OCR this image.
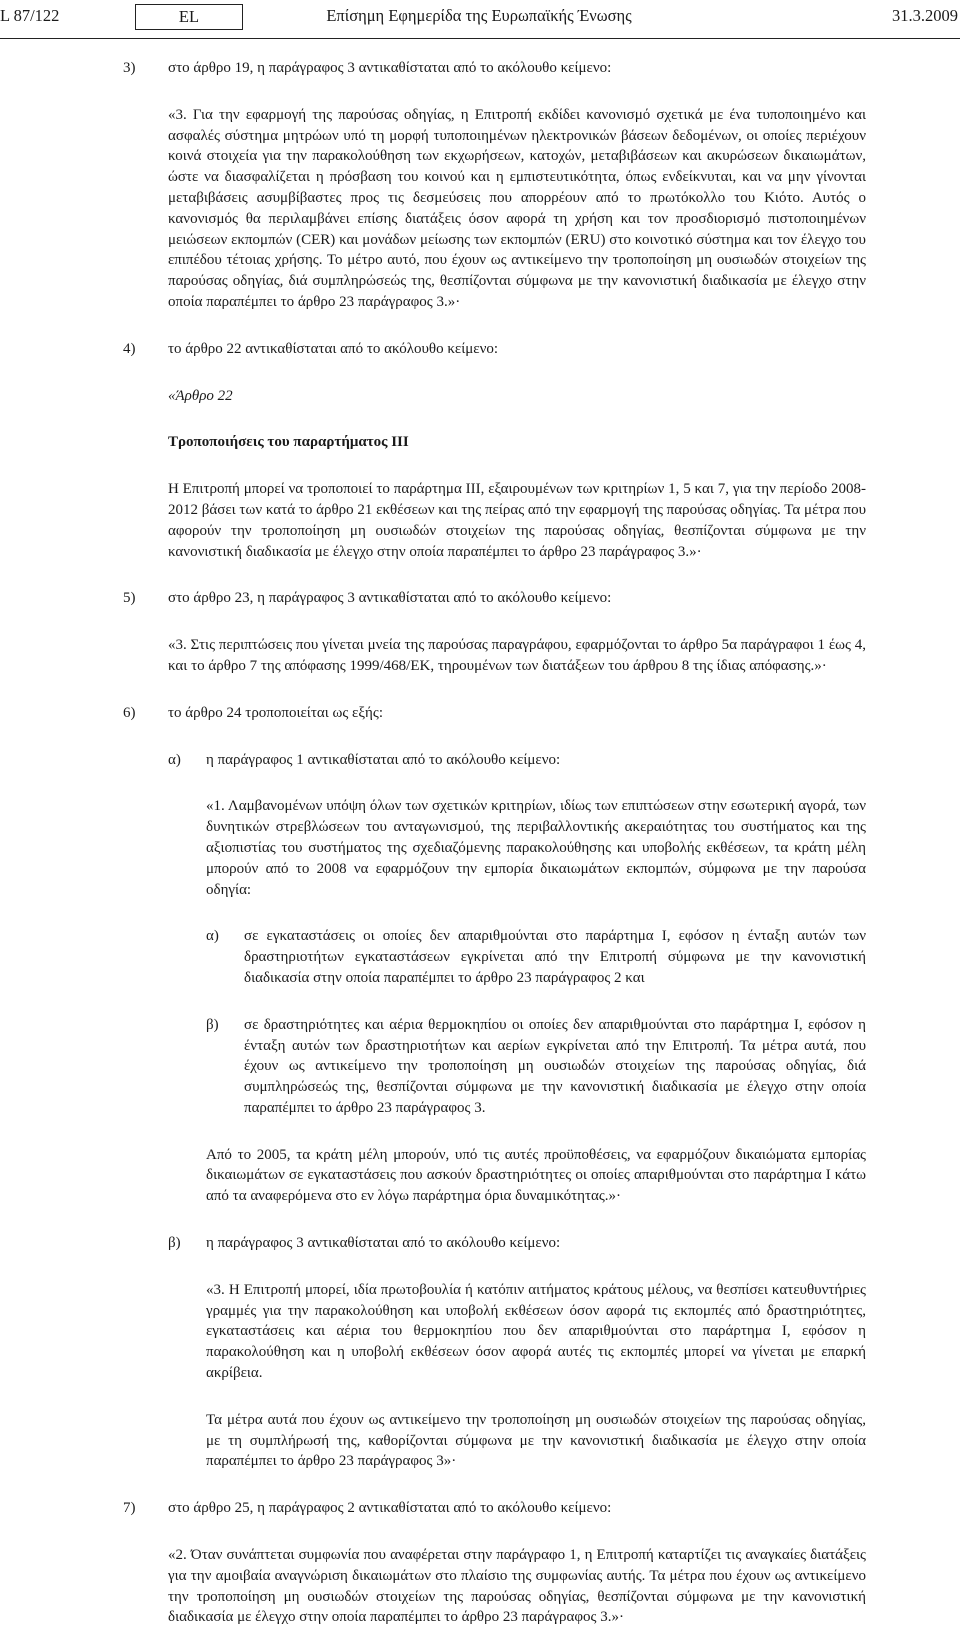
L 87/122	EL	Επίσημη Εφημερίδα της Ευρωπαϊκής Ένωσης	31.3.2009
3) στο άρθρο 19, η παράγραφος 3 αντικαθίσταται από το ακόλουθο κείμενο:
«3. Για την εφαρμογή της παρούσας οδηγίας, η Επιτροπή εκδίδει κανονισμό σχετικά με ένα τυποποιημένο και ασφαλές σύστημα μητρώων υπό τη μορφή τυποποιημένων ηλεκτρονικών βάσεων δεδομένων, οι οποίες περιέχουν κοινά στοιχεία για την παρακολούθηση των εκχωρήσεων, κατοχών, μεταβιβάσεων και ακυρώσεων δικαιωμάτων, ώστε να διασφαλίζεται η πρόσβαση του κοινού και η εμπιστευτικότητα, όπως ενδείκνυται, και να μην γίνονται μεταβιβάσεις ασυμβίβαστες προς τις δεσμεύσεις που απορρέουν από το πρωτόκολλο του Κιότο. Αυτός ο κανονισμός θα περιλαμβάνει επίσης διατάξεις όσον αφορά τη χρήση και τον προσδιορισμό πιστοποιημένων μειώσεων εκπομπών (CER) και μονάδων μείωσης των εκπομπών (ERU) στο κοινοτικό σύστημα και τον έλεγχο του επιπέδου τέτοιας χρήσης. Το μέτρο αυτό, που έχουν ως αντικείμενο την τροποποίηση μη ουσιωδών στοιχείων της παρούσας οδηγίας, διά συμπληρώσεώς της, θεσπίζονται σύμφωνα με την κανονιστική διαδικασία με έλεγχο στην οποία παραπέμπει το άρθρο 23 παράγραφος 3.»·
4) το άρθρο 22 αντικαθίσταται από το ακόλουθο κείμενο:
«Άρθρο 22
Τροποποιήσεις του παραρτήματος III
Η Επιτροπή μπορεί να τροποποιεί το παράρτημα III, εξαιρουμένων των κριτηρίων 1, 5 και 7, για την περίοδο 2008-2012 βάσει των κατά το άρθρο 21 εκθέσεων και της πείρας από την εφαρμογή της παρούσας οδηγίας. Τα μέτρα που αφορούν την τροποποίηση μη ουσιωδών στοιχείων της παρούσας οδηγίας, θεσπίζονται σύμφωνα με την κανονιστική διαδικασία με έλεγχο στην οποία παραπέμπει το άρθρο 23 παράγραφος 3.»·
5) στο άρθρο 23, η παράγραφος 3 αντικαθίσταται από το ακόλουθο κείμενο:
«3. Στις περιπτώσεις που γίνεται μνεία της παρούσας παραγράφου, εφαρμόζονται το άρθρο 5α παράγραφοι 1 έως 4, και το άρθρο 7 της απόφασης 1999/468/ΕΚ, τηρουμένων των διατάξεων του άρθρου 8 της ίδιας απόφασης.»·
6) το άρθρο 24 τροποποιείται ως εξής:
α) η παράγραφος 1 αντικαθίσταται από το ακόλουθο κείμενο:
«1. Λαμβανομένων υπόψη όλων των σχετικών κριτηρίων, ιδίως των επιπτώσεων στην εσωτερική αγορά, των δυνητικών στρεβλώσεων του ανταγωνισμού, της περιβαλλοντικής ακεραιότητας του συστήματος και της αξιοπιστίας του συστήματος της σχεδιαζόμενης παρακολούθησης και υποβολής εκθέσεων, τα κράτη μέλη μπορούν από το 2008 να εφαρμόζουν την εμπορία δικαιωμάτων εκπομπών, σύμφωνα με την παρούσα οδηγία:
α) σε εγκαταστάσεις οι οποίες δεν απαριθμούνται στο παράρτημα I, εφόσον η ένταξη αυτών των δραστηριοτήτων εγκαταστάσεων εγκρίνεται από την Επιτροπή σύμφωνα με την κανονιστική διαδικασία στην οποία παραπέμπει το άρθρο 23 παράγραφος 2 και
β) σε δραστηριότητες και αέρια θερμοκηπίου οι οποίες δεν απαριθμούνται στο παράρτημα I, εφόσον η ένταξη αυτών των δραστηριοτήτων και αερίων εγκρίνεται από την Επιτροπή. Τα μέτρα αυτά, που έχουν ως αντικείμενο την τροποποίηση μη ουσιωδών στοιχείων της παρούσας οδηγίας, διά συμπληρώσεώς της, θεσπίζονται σύμφωνα με την κανονιστική διαδικασία με έλεγχο στην οποία παραπέμπει το άρθρο 23 παράγραφος 3.
Από το 2005, τα κράτη μέλη μπορούν, υπό τις αυτές προϋποθέσεις, να εφαρμόζουν δικαιώματα εμπορίας δικαιωμάτων σε εγκαταστάσεις που ασκούν δραστηριότητες οι οποίες απαριθμούνται στο παράρτημα I κάτω από τα αναφερόμενα στο εν λόγω παράρτημα όρια δυναμικότητας.»·
β) η παράγραφος 3 αντικαθίσταται από το ακόλουθο κείμενο:
«3. Η Επιτροπή μπορεί, ιδία πρωτοβουλία ή κατόπιν αιτήματος κράτους μέλους, να θεσπίσει κατευθυντήριες γραμμές για την παρακολούθηση και υποβολή εκθέσεων όσον αφορά τις εκπομπές από δραστηριότητες, εγκαταστάσεις και αέρια του θερμοκηπίου που δεν απαριθμούνται στο παράρτημα I, εφόσον η παρακολούθηση και η υποβολή εκθέσεων όσον αφορά αυτές τις εκπομπές μπορεί να γίνεται με επαρκή ακρίβεια.
Τα μέτρα αυτά που έχουν ως αντικείμενο την τροποποίηση μη ουσιωδών στοιχείων της παρούσας οδηγίας, με τη συμπλήρωσή της, καθορίζονται σύμφωνα με την κανονιστική διαδικασία με έλεγχο στην οποία παραπέμπει το άρθρο 23 παράγραφος 3»·
7) στο άρθρο 25, η παράγραφος 2 αντικαθίσταται από το ακόλουθο κείμενο:
«2. Όταν συνάπτεται συμφωνία που αναφέρεται στην παράγραφο 1, η Επιτροπή καταρτίζει τις αναγκαίες διατάξεις για την αμοιβαία αναγνώριση δικαιωμάτων στο πλαίσιο της συμφωνίας αυτής. Τα μέτρα που έχουν ως αντικείμενο την τροποποίηση μη ουσιωδών στοιχείων της παρούσας οδηγίας, θεσπίζονται σύμφωνα με την κανονιστική διαδικασία με έλεγχο στην οποία παραπέμπει το άρθρο 23 παράγραφος 3.»·
